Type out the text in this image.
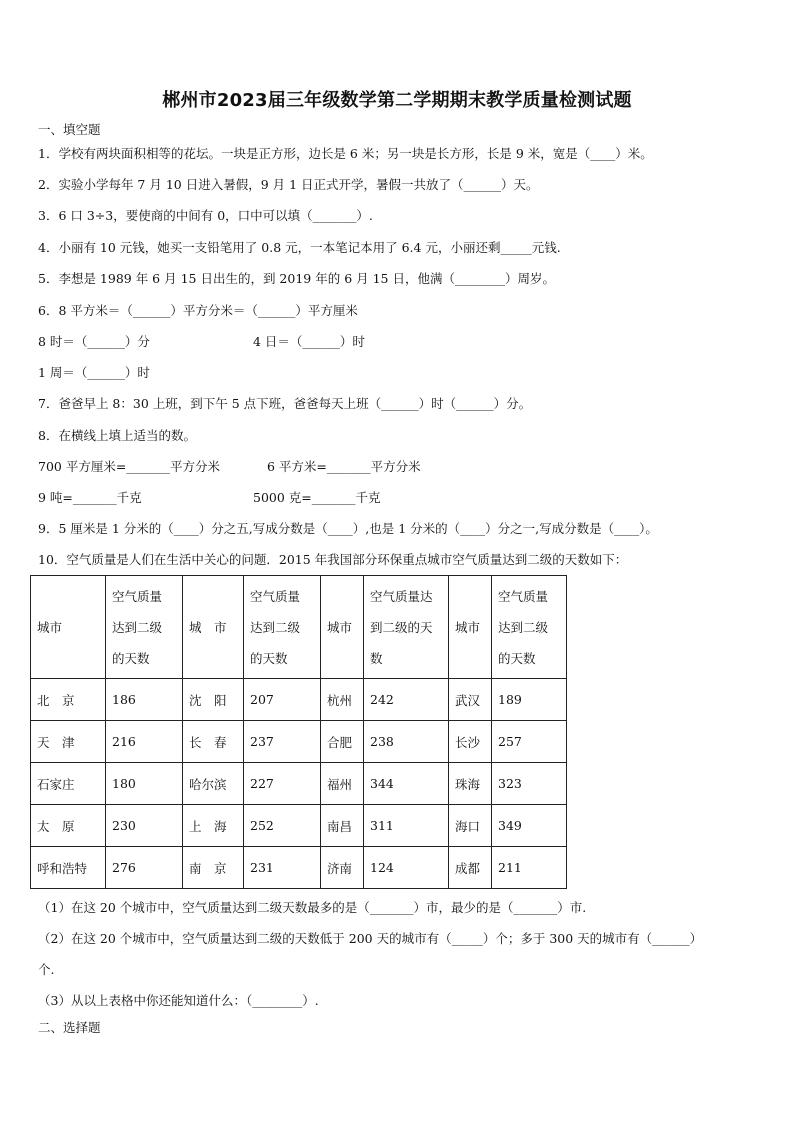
郴州市2023届三年级数学第二学期期末教学质量检测试题
一、填空题
1．学校有两块面积相等的花坛。一块是正方形，边长是 6 米；另一块是长方形，长是 9 米，宽是（____）米。
2．实验小学每年 7 月 10 日进入暑假，9 月 1 日正式开学，暑假一共放了（______）天。
3．6 口 3÷3，要使商的中间有 0，口中可以填（_______）.
4．小丽有 10 元钱，她买一支铅笔用了 0.8 元，一本笔记本用了 6.4 元，小丽还剩_____元钱.
5．李想是 1989 年 6 月 15 日出生的，到 2019 年的 6 月 15 日，他满（________）周岁。
6．8 平方米＝（______）平方分米＝（______）平方厘米
8 时＝（______）分	4 日＝（______）时
1 周＝（______）时
7．爸爸早上 8：30 上班，到下午 5 点下班，爸爸每天上班（______）时（______）分。
8．在横线上填上适当的数。
700 平方厘米=_______平方分米	6 平方米=_______平方分米
9 吨=_______千克	5000 克=_______千克
9．5 厘米是 1 分米的（____）分之五,写成分数是（____）,也是 1 分米的（____）分之一,写成分数是（____）。
10．空气质量是人们在生活中关心的问题．2015 年我国部分环保重点城市空气质量达到二级的天数如下：
城市	空气质量达到二级的天数	城　市	空气质量达到二级的天数	城市	空气质量达到二级的天数	城市	空气质量达到二级的天数

北　京	186	沈　阳	207	杭州	242	武汉	189
天　津	216	长　春	237	合肥	238	长沙	257
石家庄	180	哈尔滨	227	福州	344	珠海	323
太　原	230	上　海	252	南昌	311	海口	349
呼和浩特	276	南　京	231	济南	124	成都	211
（1）在这 20 个城市中，空气质量达到二级天数最多的是（_______）市，最少的是（_______）市.
（2）在这 20 个城市中，空气质量达到二级的天数低于 200 天的城市有（_____）个；多于 300 天的城市有（______）
个.
（3）从以上表格中你还能知道什么：（________）.
二、选择题
